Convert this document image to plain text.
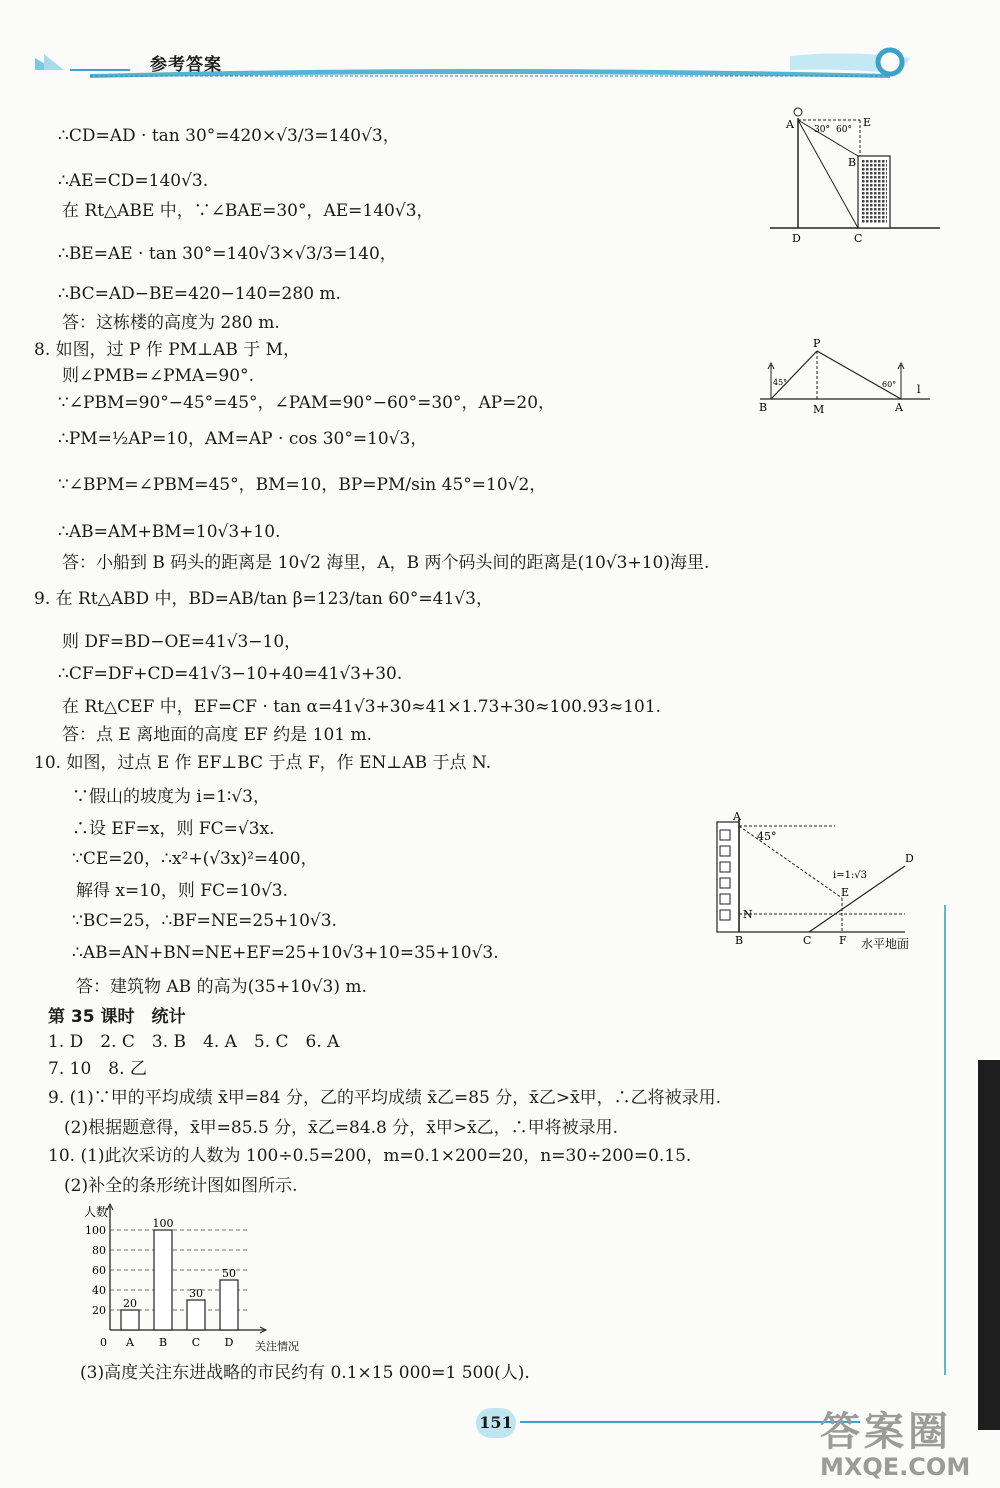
参考答案
∴CD=AD · tan 30°=420×√3/3=140√3，
∴AE=CD=140√3.
在 Rt△ABE 中，∵∠BAE=30°，AE=140√3，
∴BE=AE · tan 30°=140√3×√3/3=140，
∴BC=AD−BE=420−140=280 m.
答：这栋楼的高度为 280 m.
8. 如图，过 P 作 PM⊥AB 于 M，
则∠PMB=∠PMA=90°.
∵∠PBM=90°−45°=45°，∠PAM=90°−60°=30°，AP=20，
∴PM=½AP=10，AM=AP · cos 30°=10√3，
∵∠BPM=∠PBM=45°，BM=10，BP=PM/sin 45°=10√2，
∴AB=AM+BM=10√3+10.
答：小船到 B 码头的距离是 10√2 海里，A，B 两个码头间的距离是(10√3+10)海里.
9. 在 Rt△ABD 中，BD=AB/tan β=123/tan 60°=41√3，
则 DF=BD−OE=41√3−10，
∴CF=DF+CD=41√3−10+40=41√3+30.
在 Rt△CEF 中，EF=CF · tan α=41√3+30≈41×1.73+30≈100.93≈101.
答：点 E 离地面的高度 EF 约是 101 m.
10. 如图，过点 E 作 EF⊥BC 于点 F，作 EN⊥AB 于点 N.
∵假山的坡度为 i=1∶√3，
∴设 EF=x，则 FC=√3x.
∵CE=20，∴x²+(√3x)²=400，
解得 x=10，则 FC=10√3.
∵BC=25，∴BF=NE=25+10√3.
∴AB=AN+BN=NE+EF=25+10√3+10=35+10√3.
答：建筑物 AB 的高为(35+10√3) m.
第 35 课时　统计
1. D　2. C　3. B　4. A　5. C　6. A
7. 10　8. 乙
9. (1)∵甲的平均成绩 x̄甲=84 分，乙的平均成绩 x̄乙=85 分，x̄乙>x̄甲，∴乙将被录用.
(2)根据题意得，x̄甲=85.5 分，x̄乙=84.8 分，x̄甲>x̄乙，∴甲将被录用.
10. (1)此次采访的人数为 100÷0.5=200，m=0.1×200=20，n=30÷200=0.15.
(2)补全的条形统计图如图所示.
(3)高度关注东进战略的市民约有 0.1×15 000=1 500(人).
A	E
B
D	C
30° 60°
P
B	M	A
l
45°	60°
A
45°
D
i=1:√3
E
N
B	C	F 水平地面
20
40
60
80
100
0
人数
关注情况
20
A
100
B
30
C
50
D
151	答案圈
MXQE.COM
